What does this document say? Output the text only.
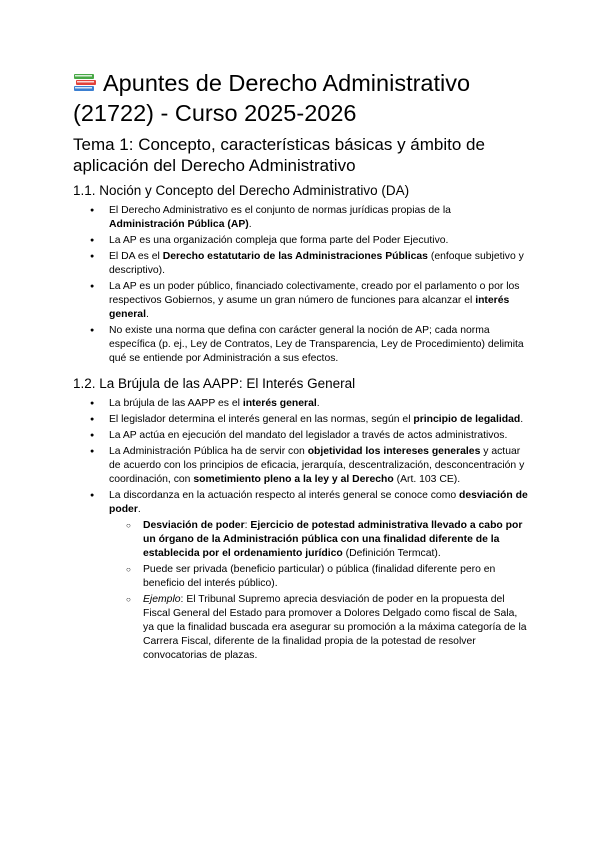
Apuntes de Derecho Administrativo (21722) - Curso 2025-2026
Tema 1: Concepto, características básicas y ámbito de aplicación del Derecho Administrativo
1.1. Noción y Concepto del Derecho Administrativo (DA)
● El Derecho Administrativo es el conjunto de normas jurídicas propias de la Administración Pública (AP).
● La AP es una organización compleja que forma parte del Poder Ejecutivo.
● El DA es el Derecho estatutario de las Administraciones Públicas (enfoque subjetivo y descriptivo).
● La AP es un poder público, financiado colectivamente, creado por el parlamento o por los respectivos Gobiernos, y asume un gran número de funciones para alcanzar el interés general.
● No existe una norma que defina con carácter general la noción de AP; cada norma específica (p. ej., Ley de Contratos, Ley de Transparencia, Ley de Procedimiento) delimita qué se entiende por Administración a sus efectos.
1.2. La Brújula de las AAPP: El Interés General
● La brújula de las AAPP es el interés general.
● El legislador determina el interés general en las normas, según el principio de legalidad.
● La AP actúa en ejecución del mandato del legislador a través de actos administrativos.
● La Administración Pública ha de servir con objetividad los intereses generales y actuar de acuerdo con los principios de eficacia, jerarquía, descentralización, desconcentración y coordinación, con sometimiento pleno a la ley y al Derecho (Art. 103 CE).
● La discordanza en la actuación respecto al interés general se conoce como desviación de poder.
○ Desviación de poder: Ejercicio de potestad administrativa llevado a cabo por un órgano de la Administración pública con una finalidad diferente de la establecida por el ordenamiento jurídico (Definición Termcat).
○ Puede ser privada (beneficio particular) o pública (finalidad diferente pero en beneficio del interés público).
○ Ejemplo: El Tribunal Supremo aprecia desviación de poder en la propuesta del Fiscal General del Estado para promover a Dolores Delgado como fiscal de Sala, ya que la finalidad buscada era asegurar su promoción a la máxima categoría de la Carrera Fiscal, diferente de la finalidad propia de la potestad de resolver convocatorias de plazas.
